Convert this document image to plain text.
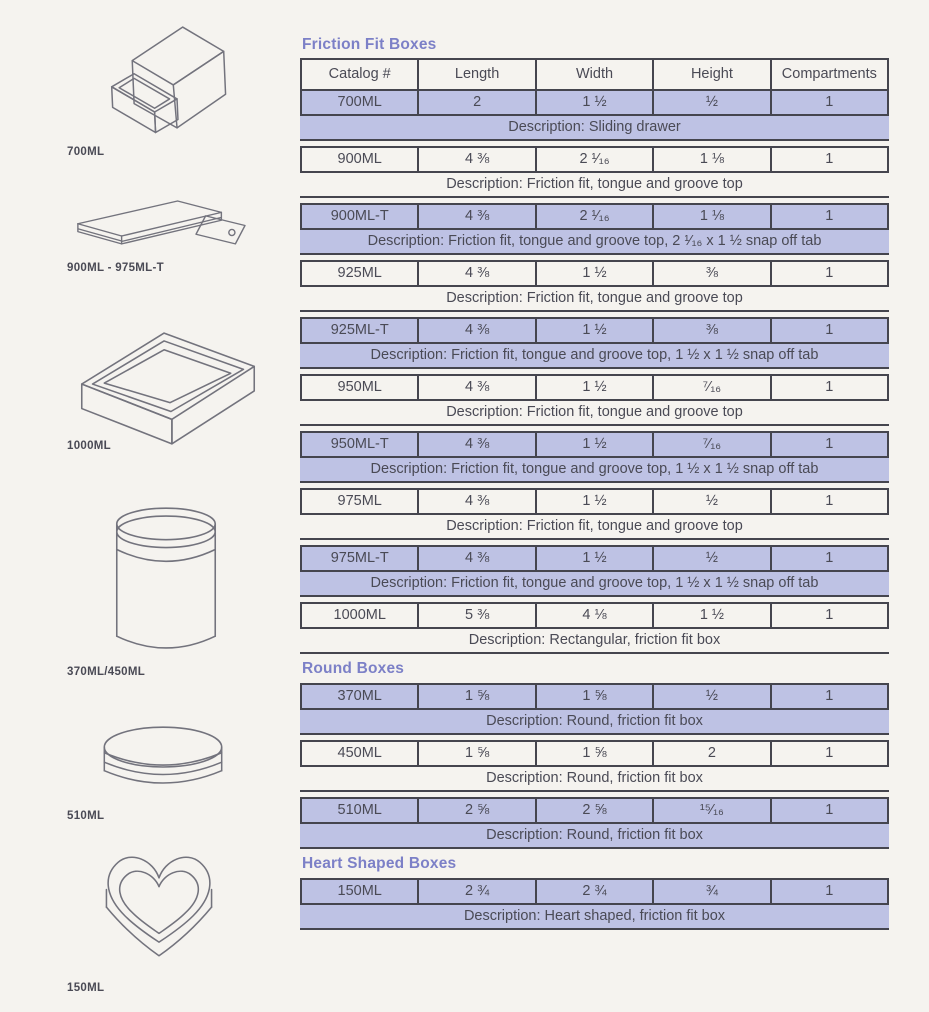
700ML
900ML - 975ML-T
1000ML
370ML/450ML
510ML
150ML
Friction Fit Boxes
Catalog #	Length	Width	Height	Compartments
700ML	2	1 ½	½	1
Description: Sliding drawer
900ML	4 ⅜	2 ¹⁄₁₆	1 ⅛	1
Description: Friction fit, tongue and groove top
900ML-T	4 ⅜	2 ¹⁄₁₆	1 ⅛	1
Description: Friction fit, tongue and groove top, 2 ¹⁄₁₆ x 1 ½ snap off tab
925ML	4 ⅜	1 ½	⅜	1
Description: Friction fit, tongue and groove top
925ML-T	4 ⅜	1 ½	⅜	1
Description: Friction fit, tongue and groove top, 1 ½ x 1 ½ snap off tab
950ML	4 ⅜	1 ½	⁷⁄₁₆	1
Description: Friction fit, tongue and groove top
950ML-T	4 ⅜	1 ½	⁷⁄₁₆	1
Description: Friction fit, tongue and groove top, 1 ½ x 1 ½ snap off tab
975ML	4 ⅜	1 ½	½	1
Description: Friction fit, tongue and groove top
975ML-T	4 ⅜	1 ½	½	1
Description: Friction fit, tongue and groove top, 1 ½ x 1 ½ snap off tab
1000ML	5 ⅜	4 ⅛	1 ½	1
Description: Rectangular, friction fit box
Round Boxes
370ML	1 ⅝	1 ⅝	½	1
Description: Round, friction fit box
450ML	1 ⅝	1 ⅝	2	1
Description: Round, friction fit box
510ML	2 ⅝	2 ⅝	¹⁵⁄₁₆	1
Description: Round, friction fit box
Heart Shaped Boxes
150ML	2 ¾	2 ¾	¾	1
Description: Heart shaped, friction fit box
